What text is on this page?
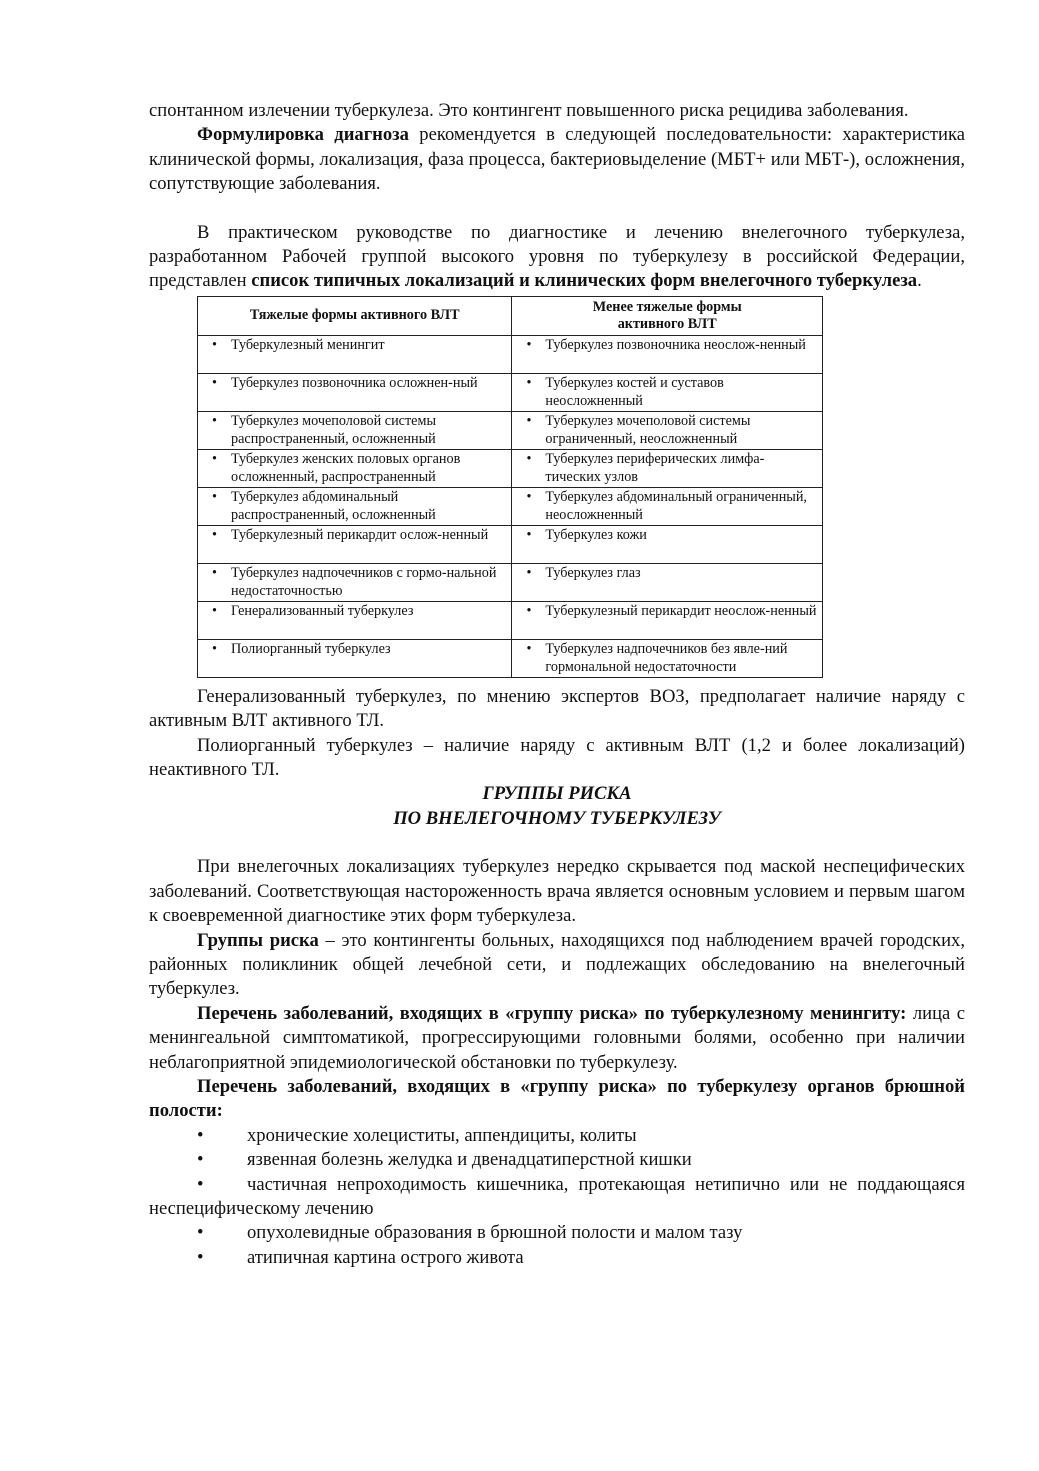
спонтанном излечении туберкулеза. Это контингент повышенного риска рецидива заболевания.

Формулировка диагноза рекомендуется в следующей последовательности: характеристика клинической формы, локализация, фаза процесса, бактериовыделение (МБТ+ или МБТ-), осложнения, сопутствующие заболевания.

В практическом руководстве по диагностике и лечению внелегочного туберкулеза, разработанном Рабочей группой высокого уровня по туберкулезу в российской Федерации, представлен список типичных локализаций и клинических форм внелегочного туберкулеза.

Тяжелые формы активного ВЛТ	Менее тяжелые формы активного ВЛТ

• Туберкулезный менингит	• Туберкулез позвоночника неослож-ненный

• Туберкулез позвоночника осложнен-ный	• Туберкулез костей и суставов неосложненный

• Туберкулез мочеполовой системы распространенный, осложненный	• Туберкулез мочеполовой системы ограниченный, неосложненный

• Туберкулез женских половых органов осложненный, распространенный	• Туберкулез периферических лимфа-тических узлов

• Туберкулез абдоминальный распространенный, осложненный	• Туберкулез абдоминальный ограниченный, неосложненный

• Туберкулезный перикардит ослож-ненный	• Туберкулез кожи

• Туберкулез надпочечников с гормо-нальной недостаточностью	• Туберкулез глаз

• Генерализованный туберкулез	• Туберкулезный перикардит неослож-ненный

• Полиорганный туберкулез	• Туберкулез надпочечников без явле-ний гормональной недостаточности

Генерализованный туберкулез, по мнению экспертов ВОЗ, предполагает наличие наряду с активным ВЛТ активного ТЛ.

Полиорганный туберкулез – наличие наряду с активным ВЛТ (1,2 и более локализаций) неактивного ТЛ.

ГРУППЫ РИСКА
ПО ВНЕЛЕГОЧНОМУ ТУБЕРКУЛЕЗУ

При внелегочных локализациях туберкулез нередко скрывается под маской неспецифических заболеваний. Соответствующая настороженность врача является основным условием и первым шагом к своевременной диагностике этих форм туберкулеза.

Группы риска – это контингенты больных, находящихся под наблюдением врачей городских, районных поликлиник общей лечебной сети, и подлежащих обследованию на внелегочный туберкулез.

Перечень заболеваний, входящих в «группу риска» по туберкулезному менингиту: лица с менингеальной симптоматикой, прогрессирующими головными болями, особенно при наличии неблагоприятной эпидемиологической обстановки по туберкулезу.

Перечень заболеваний, входящих в «группу риска» по туберкулезу органов брюшной полости:

•	хронические холециститы, аппендициты, колиты
•	язвенная болезнь желудка и двенадцатиперстной кишки

• частичная непроходимость кишечника, протекающая нетипично или не поддающаяся неспецифическому лечению

•	опухолевидные образования в брюшной полости и малом тазу
•	атипичная картина острого живота
